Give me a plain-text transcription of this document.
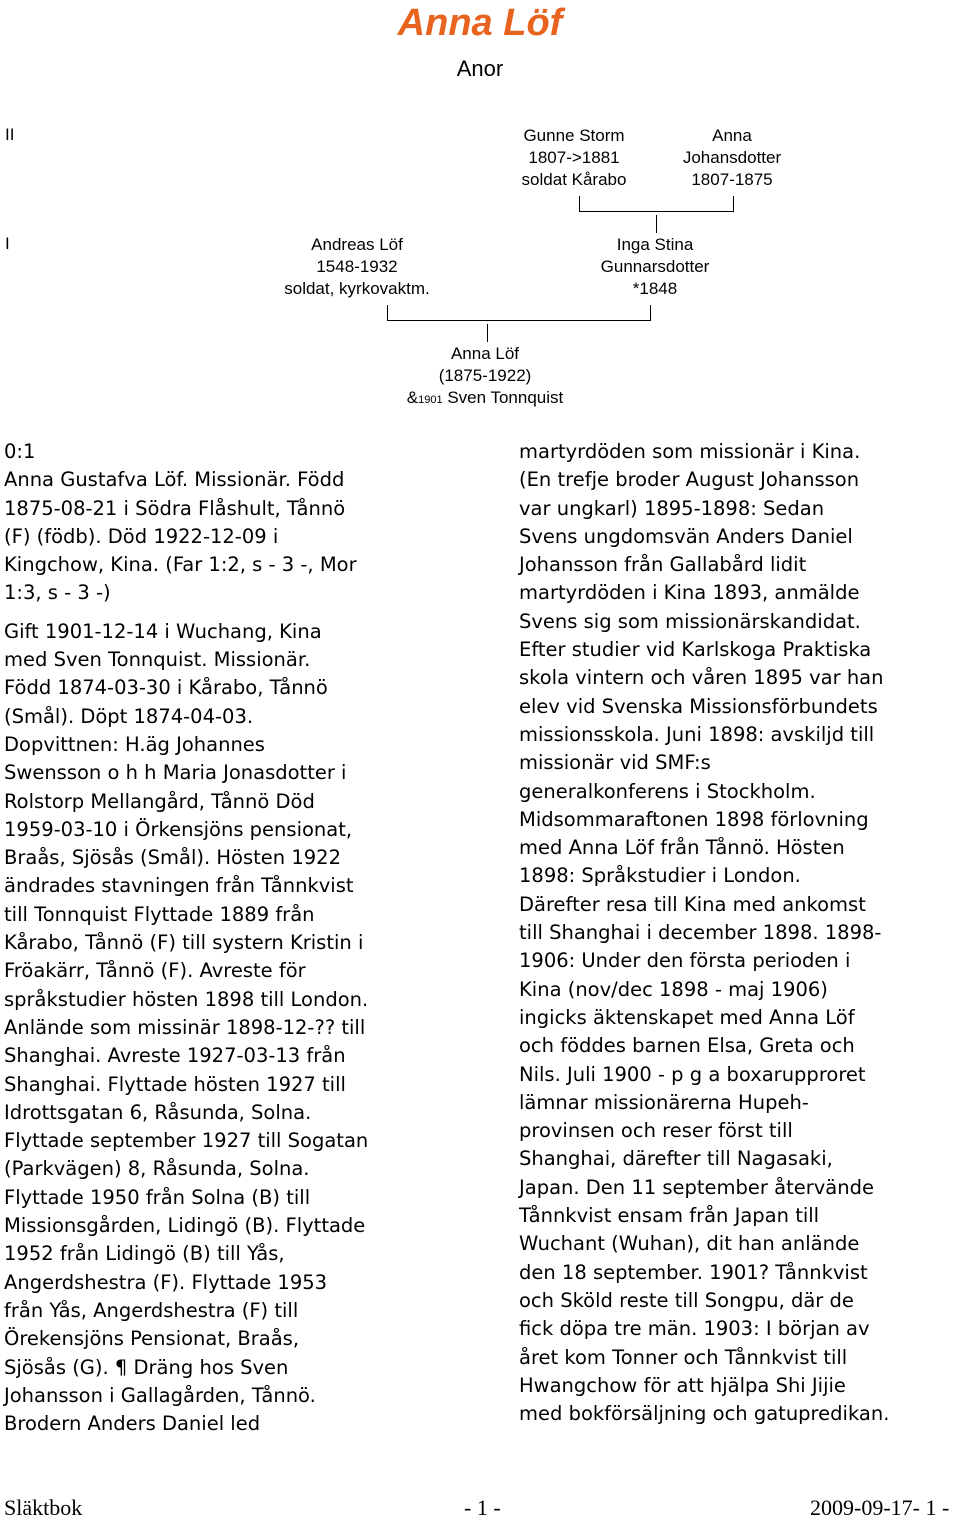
Anna Löf
Anor
II
I
Gunne Storm
1807->1881
soldat Kårabo
Anna
Johansdotter
1807-1875
Andreas Löf
1548-1932
soldat, kyrkovaktm.
Inga Stina
Gunnarsdotter
*1848
Anna Löf
(1875-1922)
&1901 Sven Tonnquist
0:1
Anna Gustafva Löf. Missionär. Född
1875-08-21 i Södra Flåshult, Tånnö
(F) (födb). Död 1922-12-09 i
Kingchow, Kina. (Far 1:2, s - 3 -, Mor
1:3, s - 3 -)
Gift 1901-12-14 i Wuchang, Kina
med Sven Tonnquist. Missionär.
Född 1874-03-30 i Kårabo, Tånnö
(Smål). Döpt 1874-04-03.
Dopvittnen: H.äg Johannes
Swensson o h h Maria Jonasdotter i
Rolstorp Mellangård, Tånnö Död
1959-03-10 i Örkensjöns pensionat,
Braås, Sjösås (Smål). Hösten 1922
ändrades stavningen från Tånnkvist
till Tonnquist Flyttade 1889 från
Kårabo, Tånnö (F) till systern Kristin i
Fröakärr, Tånnö (F). Avreste för
språkstudier hösten 1898 till London.
Anlände som missinär 1898-12-?? till
Shanghai. Avreste 1927-03-13 från
Shanghai. Flyttade hösten 1927 till
Idrottsgatan 6, Råsunda, Solna.
Flyttade september 1927 till Sogatan
(Parkvägen) 8, Råsunda, Solna.
Flyttade 1950 från Solna (B) till
Missionsgården, Lidingö (B). Flyttade
1952 från Lidingö (B) till Yås,
Angerdshestra (F). Flyttade 1953
från Yås, Angerdshestra (F) till
Örekensjöns Pensionat, Braås,
Sjösås (G). ¶ Dräng hos Sven
Johansson i Gallagården, Tånnö.
Brodern Anders Daniel led
martyrdöden som missionär i Kina.
(En trefje broder August Johansson
var ungkarl) 1895-1898: Sedan
Svens ungdomsvän Anders Daniel
Johansson från Gallabård lidit
martyrdöden i Kina 1893, anmälde
Svens sig som missionärskandidat.
Efter studier vid Karlskoga Praktiska
skola vintern och våren 1895 var han
elev vid Svenska Missionsförbundets
missionsskola. Juni 1898: avskiljd till
missionär vid SMF:s
generalkonferens i Stockholm.
Midsommaraftonen 1898 förlovning
med Anna Löf från Tånnö. Hösten
1898: Språkstudier i London.
Därefter resa till Kina med ankomst
till Shanghai i december 1898. 1898-
1906: Under den första perioden i
Kina (nov/dec 1898 - maj 1906)
ingicks äktenskapet med Anna Löf
och föddes barnen Elsa, Greta och
Nils. Juli 1900 - p g a boxarupproret
lämnar missionärerna Hupeh-
provinsen och reser först till
Shanghai, därefter till Nagasaki,
Japan. Den 11 september återvände
Tånnkvist ensam från Japan till
Wuchant (Wuhan), dit han anlände
den 18 september. 1901? Tånnkvist
och Sköld reste till Songpu, där de
fick döpa tre män. 1903: I början av
året kom Tonner och Tånnkvist till
Hwangchow för att hjälpa Shi Jijie
med bokförsäljning och gatupredikan.
Släktbok	- 1 -	2009-09-17- 1 -
